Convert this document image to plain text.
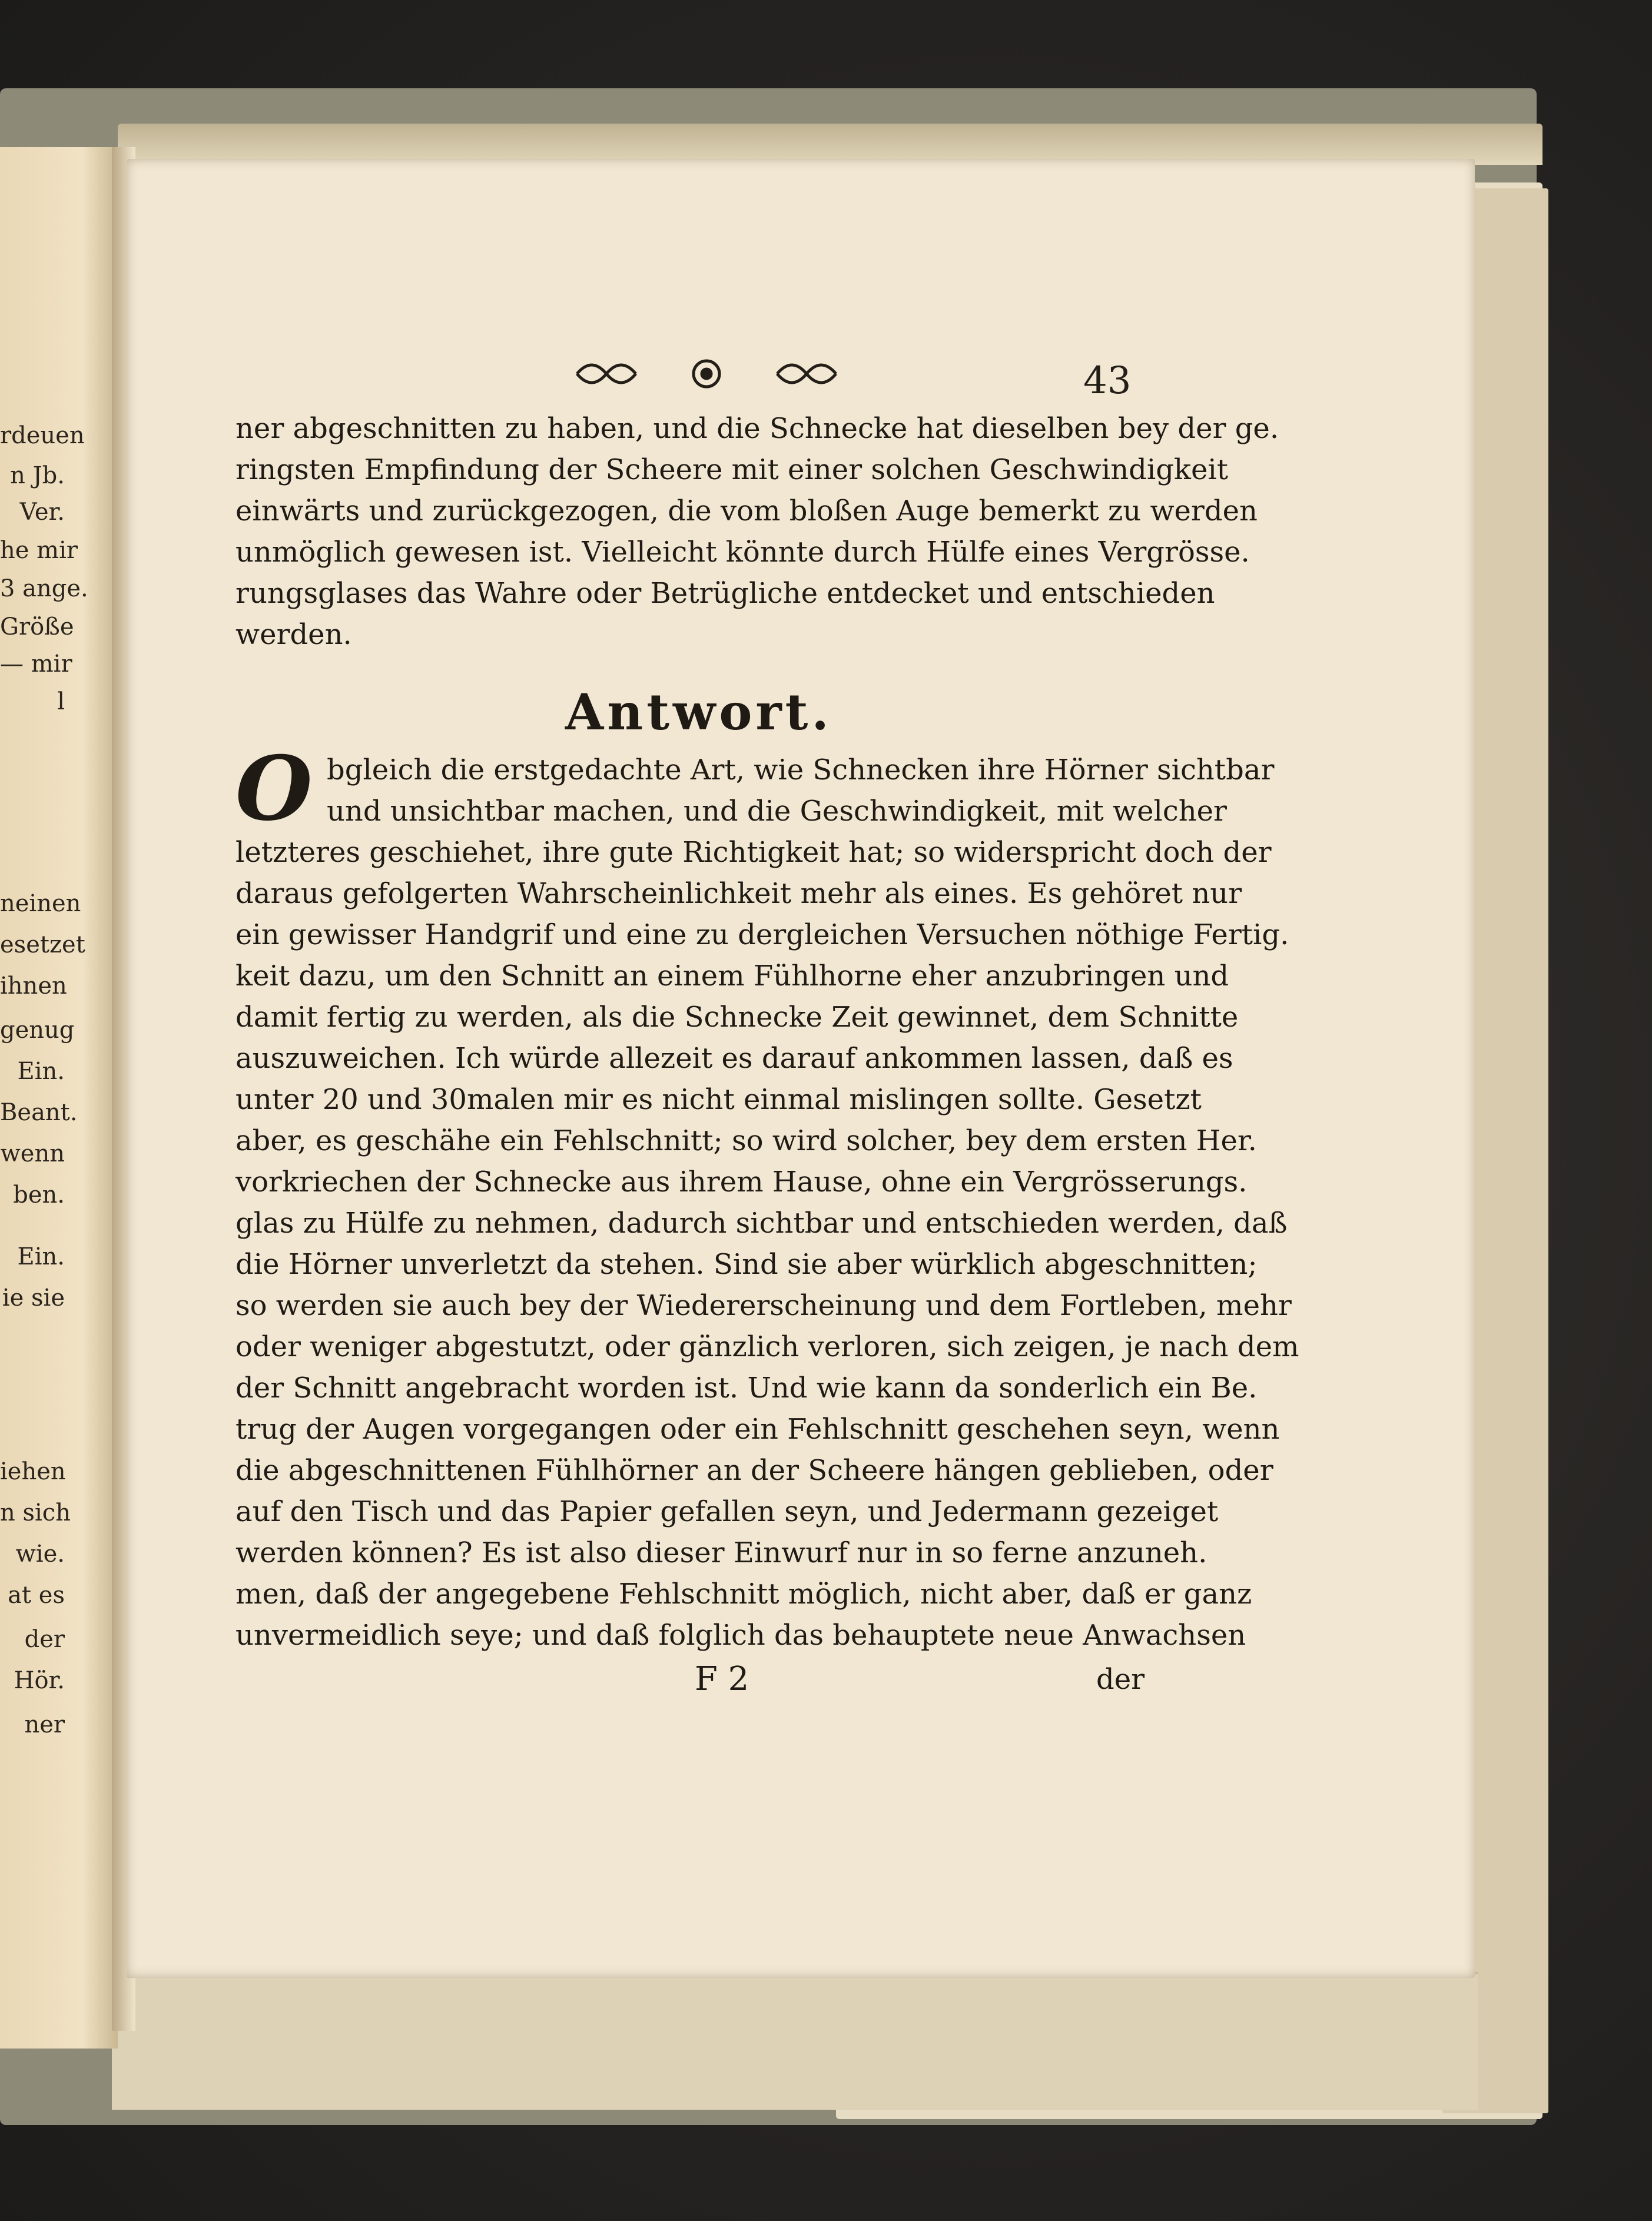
rdeuen
n Jb.
Ver.
he mir
3 ange.
Größe
— mir
l
neinen
esetzet
ihnen
genug
Ein.
Beant.
wenn
ben.
Ein.
ie sie
iehen
n sich
wie.
at es
der
Hör.
ner
43
ner abgeschnitten zu haben, und die Schnecke hat dieselben bey der ge.
ringsten Empfindung der Scheere mit einer solchen Geschwindigkeit
einwärts und zurückgezogen, die vom bloßen Auge bemerkt zu werden
unmöglich gewesen ist. Vielleicht könnte durch Hülfe eines Vergrösse.
rungsglases das Wahre oder Betrügliche entdecket und entschieden
werden.
Antwort.
O bgleich die erstgedachte Art, wie Schnecken ihre Hörner sichtbar
und unsichtbar machen, und die Geschwindigkeit, mit welcher
letzteres geschiehet, ihre gute Richtigkeit hat; so widerspricht doch der
daraus gefolgerten Wahrscheinlichkeit mehr als eines. Es gehöret nur
ein gewisser Handgrif und eine zu dergleichen Versuchen nöthige Fertig.
keit dazu, um den Schnitt an einem Fühlhorne eher anzubringen und
damit fertig zu werden, als die Schnecke Zeit gewinnet, dem Schnitte
auszuweichen. Ich würde allezeit es darauf ankommen lassen, daß es
unter 20 und 30malen mir es nicht einmal mislingen sollte. Gesetzt
aber, es geschähe ein Fehlschnitt; so wird solcher, bey dem ersten Her.
vorkriechen der Schnecke aus ihrem Hause, ohne ein Vergrösserungs.
glas zu Hülfe zu nehmen, dadurch sichtbar und entschieden werden, daß
die Hörner unverletzt da stehen. Sind sie aber würklich abgeschnitten;
so werden sie auch bey der Wiedererscheinung und dem Fortleben, mehr
oder weniger abgestutzt, oder gänzlich verloren, sich zeigen, je nach dem
der Schnitt angebracht worden ist. Und wie kann da sonderlich ein Be.
trug der Augen vorgegangen oder ein Fehlschnitt geschehen seyn, wenn
die abgeschnittenen Fühlhörner an der Scheere hängen geblieben, oder
auf den Tisch und das Papier gefallen seyn, und Jedermann gezeiget
werden können? Es ist also dieser Einwurf nur in so ferne anzuneh.
men, daß der angegebene Fehlschnitt möglich, nicht aber, daß er ganz
unvermeidlich seye; und daß folglich das behauptete neue Anwachsen
F 2	der
